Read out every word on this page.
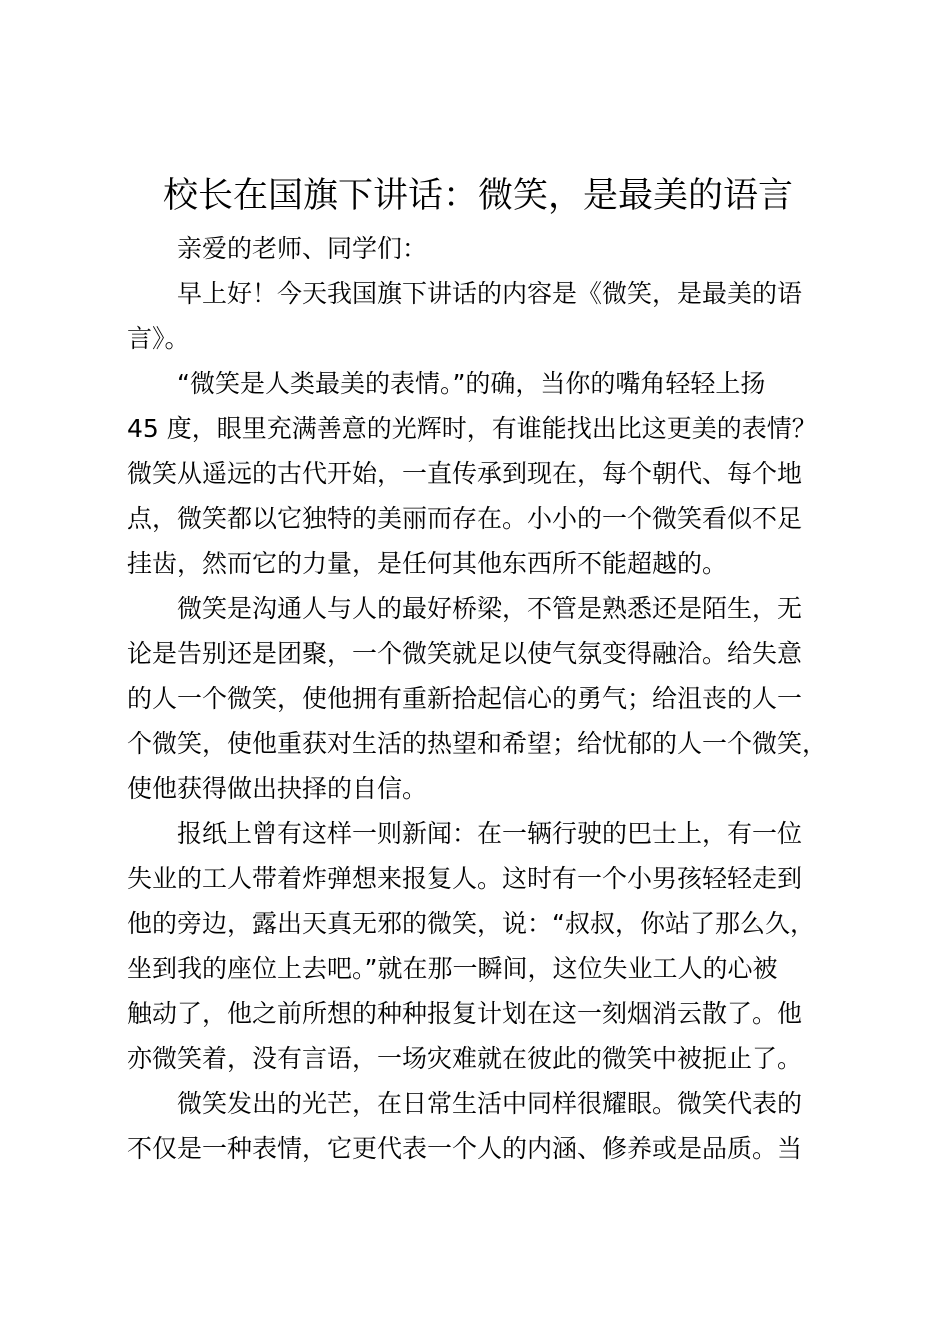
校长在国旗下讲话：微笑，是最美的语言

亲爱的老师、同学们：

早上好！今天我国旗下讲话的内容是《微笑，是最美的语

言》。

“微笑是人类最美的表情。”的确，当你的嘴角轻轻上扬

45 度，眼里充满善意的光辉时，有谁能找出比这更美的表情？

微笑从遥远的古代开始，一直传承到现在，每个朝代、每个地

点，微笑都以它独特的美丽而存在。小小的一个微笑看似不足

挂齿，然而它的力量，是任何其他东西所不能超越的。

微笑是沟通人与人的最好桥梁，不管是熟悉还是陌生，无

论是告别还是团聚，一个微笑就足以使气氛变得融洽。给失意

的人一个微笑，使他拥有重新拾起信心的勇气；给沮丧的人一

个微笑，使他重获对生活的热望和希望；给忧郁的人一个微笑，

使他获得做出抉择的自信。

报纸上曾有这样一则新闻：在一辆行驶的巴士上，有一位

失业的工人带着炸弹想来报复人。这时有一个小男孩轻轻走到

他的旁边，露出天真无邪的微笑，说：“叔叔，你站了那么久，

坐到我的座位上去吧。”就在那一瞬间，这位失业工人的心被

触动了，他之前所想的种种报复计划在这一刻烟消云散了。他

亦微笑着，没有言语，一场灾难就在彼此的微笑中被扼止了。

微笑发出的光芒，在日常生活中同样很耀眼。微笑代表的

不仅是一种表情，它更代表一个人的内涵、修养或是品质。当
